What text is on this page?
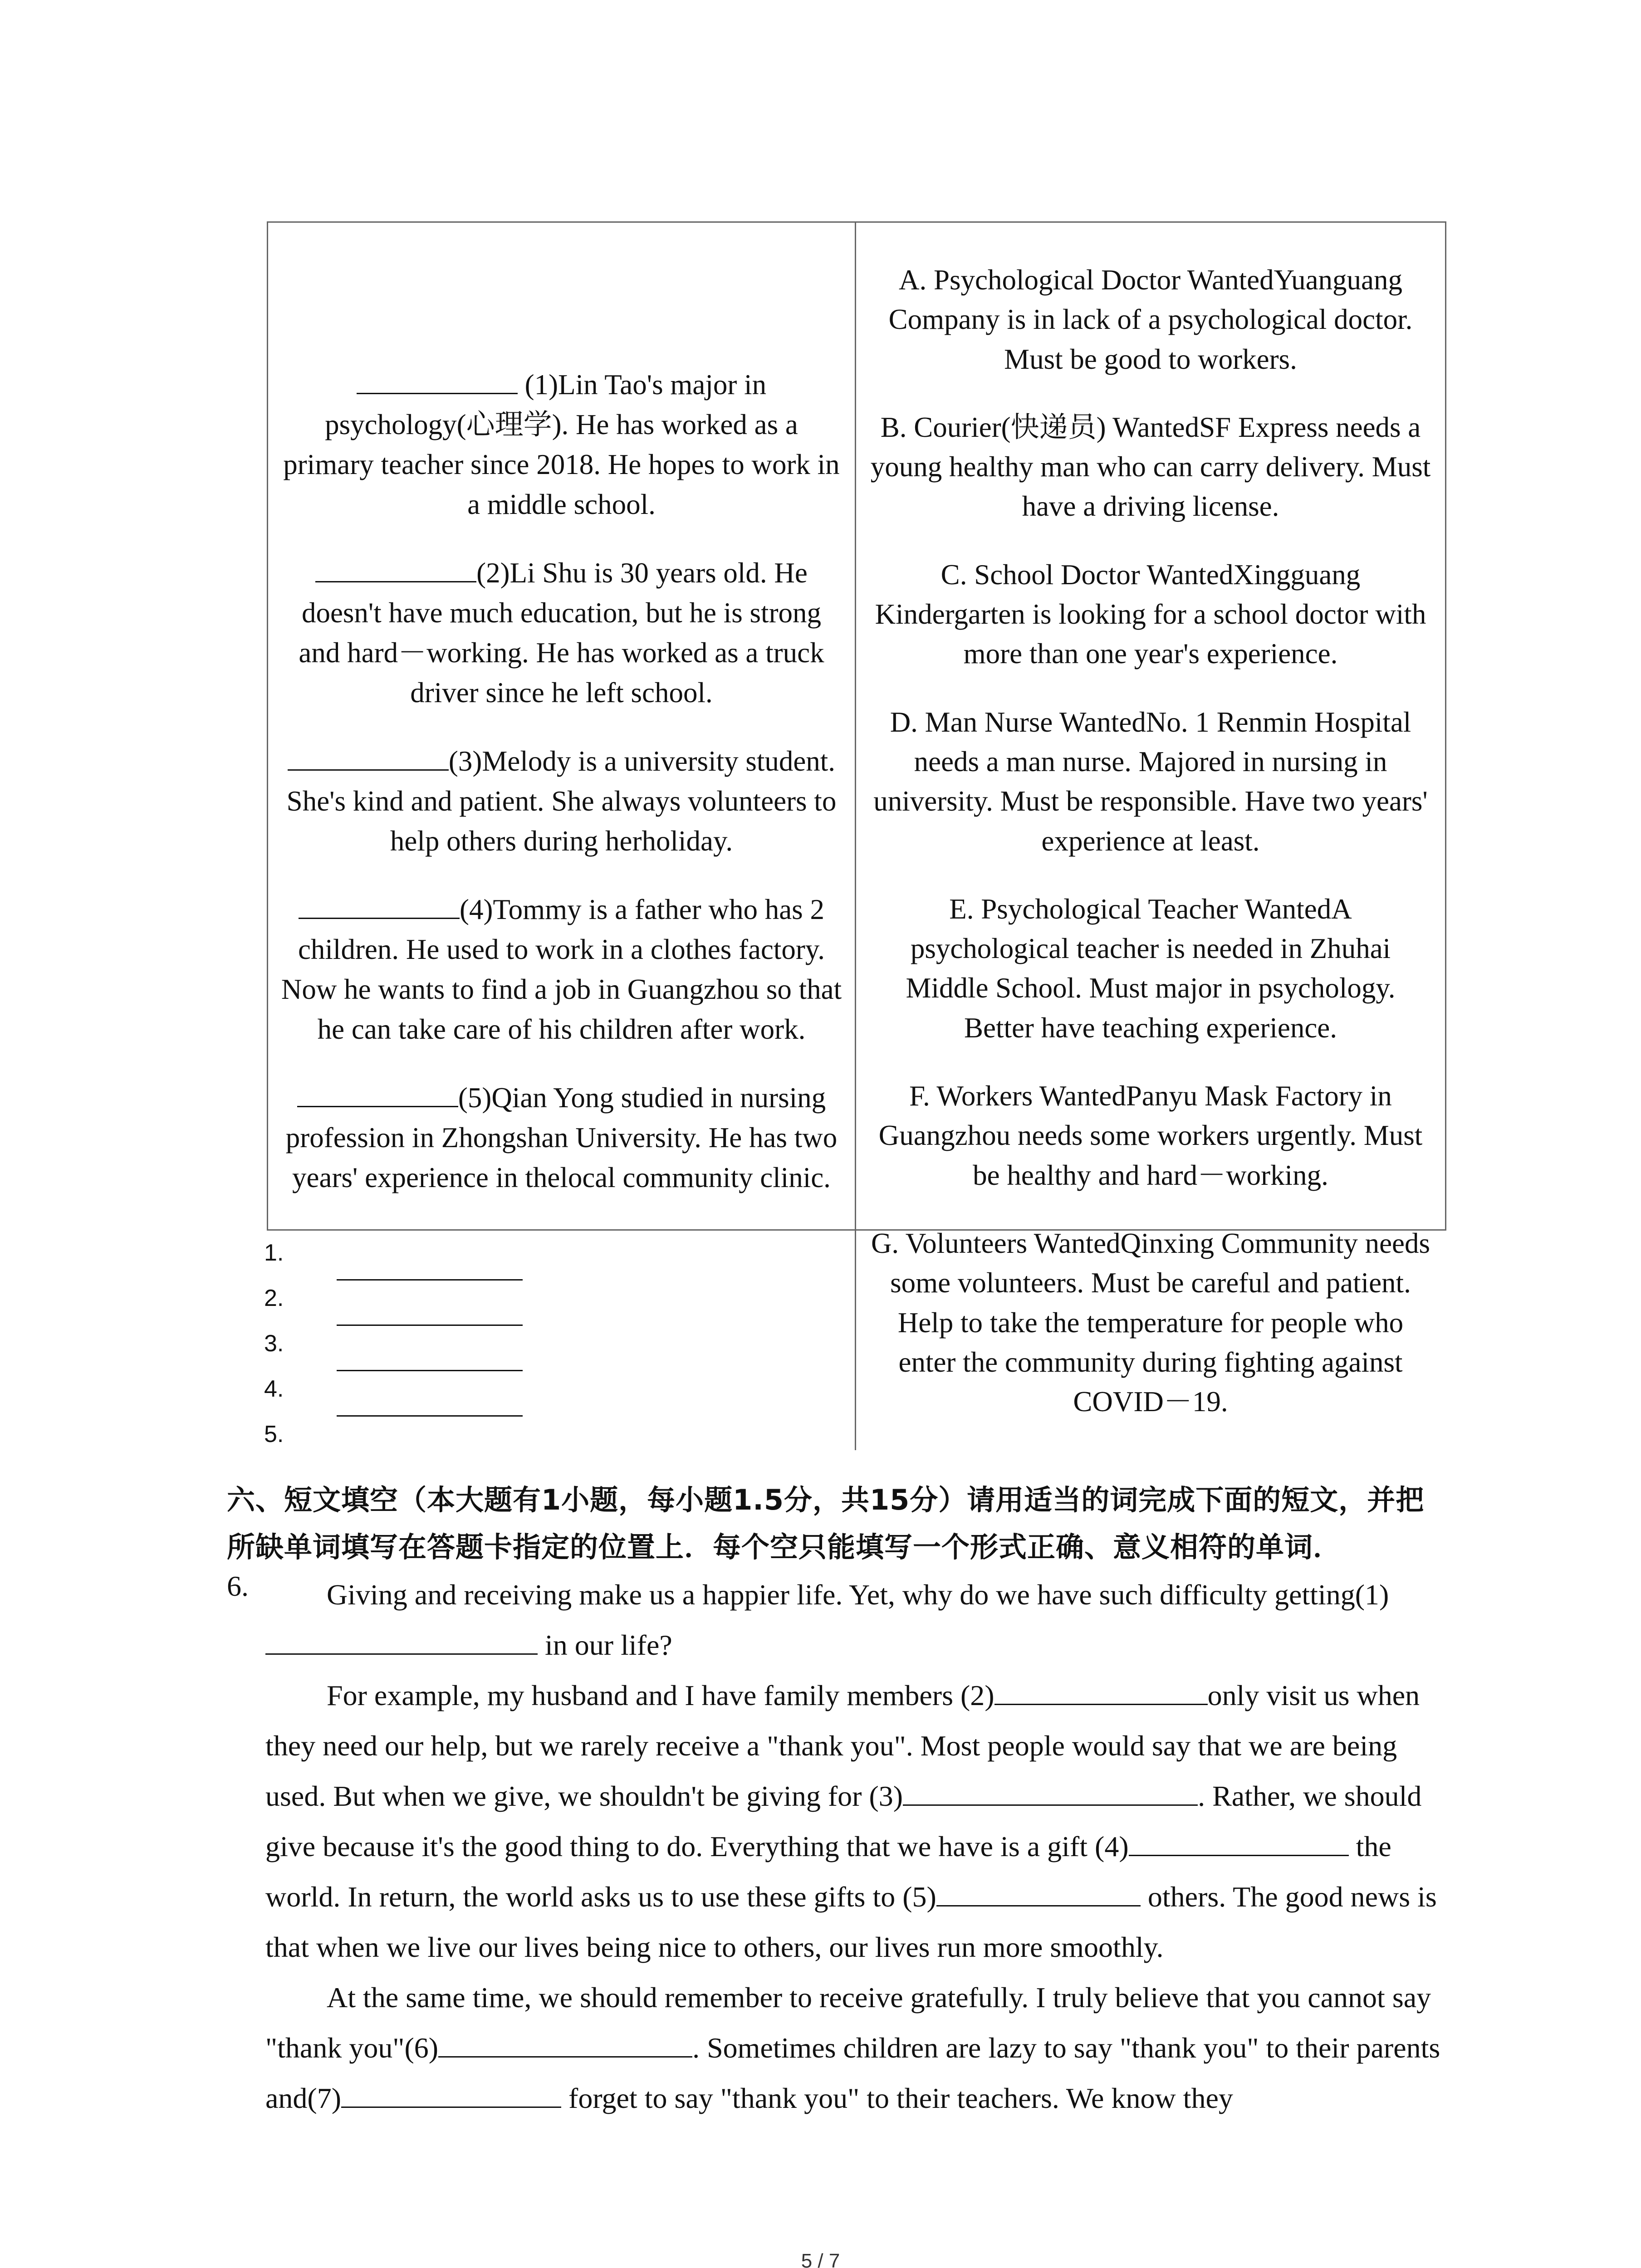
(1)Lin Tao's major in psychology(心理学). He has worked as a primary teacher since 2018. He hopes to work in a middle school.

(2)Li Shu is 30 years old. He doesn't have much education, but he is strong and hard－working. He has worked as a truck driver since he left school.

(3)Melody is a university student. She's kind and patient. She always volunteers to help others during herholiday.

(4)Tommy is a father who has 2 children. He used to work in a clothes factory. Now he wants to find a job in Guangzhou so that he can take care of his children after work.

(5)Qian Yong studied in nursing profession in Zhongshan University. He has two years' experience in thelocal community clinic.

A. Psychological Doctor WantedYuanguang Company is in lack of a psychological doctor. Must be good to workers.

B. Courier(快递员) WantedSF Express needs a young healthy man who can carry delivery. Must have a driving license.

C. School Doctor WantedXingguang Kindergarten is looking for a school doctor with more than one year's experience.

D. Man Nurse WantedNo. 1 Renmin Hospital needs a man nurse. Majored in nursing in university. Must be responsible. Have two years' experience at least.

E. Psychological Teacher WantedA psychological teacher is needed in Zhuhai Middle School. Must major in psychology. Better have teaching experience.

F. Workers WantedPanyu Mask Factory in Guangzhou needs some workers urgently. Must be healthy and hard－working.

G. Volunteers WantedQinxing Community needs some volunteers. Must be careful and patient. Help to take the temperature for people who enter the community during fighting against COVID－19.

1.
2.
3.
4.
5.
六、短文填空（本大题有1小题，每小题1.5分，共15分）请用适当的词完成下面的短文，并把所缺单词填写在答题卡指定的位置上．每个空只能填写一个形式正确、意义相符的单词．
6.	Giving and receiving make us a happier life. Yet, why do we have such difficulty getting(1) in our life?

For example, my husband and I have family members (2)	only visit us when they need our help, but we rarely receive a "thank you". Most people would say that we are being used. But when we give, we shouldn't be giving for (3)	. Rather, we should give because it's the good thing to do. Everything that we have is a gift (4)	the world. In return, the world asks us to use these gifts to (5)	others. The good news is that when we live our lives being nice to others, our lives run more smoothly.

At the same time, we should remember to receive gratefully. I truly believe that you cannot say "thank you"(6)	. Sometimes children are lazy to say "thank you" to their parents and(7)	forget to say "thank you" to their teachers. We know they

5 / 7
